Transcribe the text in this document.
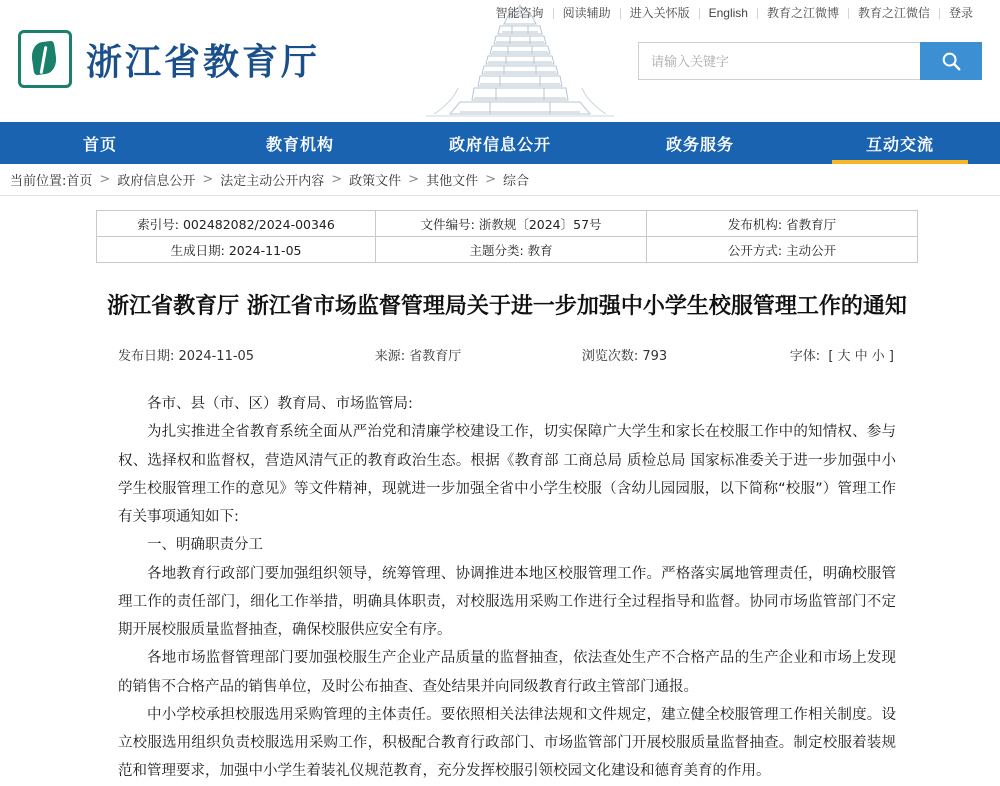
智能咨询	阅读辅助	进入关怀版	English	教育之江微博	教育之江微信	登录
浙江省教育厅
请输入关键字
首页	教育机构	政府信息公开	政务服务	互动交流
当前位置: 首页 > 政府信息公开 > 法定主动公开内容 > 政策文件 > 其他文件 > 综合
索引号: 002482082/2024-00346	文件编号: 浙教规〔2024〕57号	发布机构: 省教育厅
生成日期: 2024-11-05	主题分类: 教育	公开方式: 主动公开
浙江省教育厅 浙江省市场监督管理局关于进一步加强中小学生校服管理工作的通知
发布日期: 2024-11-05	来源: 省教育厅	浏览次数: 793	字体: [ 大 中 小 ]

各市、县（市、区）教育局、市场监管局:

为扎实推进全省教育系统全面从严治党和清廉学校建设工作，切实保障广大学生和家长在校服工作中的知情权、参与权、选择权和监督权，营造风清气正的教育政治生态。根据《教育部 工商总局 质检总局 国家标准委关于进一步加强中小学生校服管理工作的意见》等文件精神，现就进一步加强全省中小学生校服（含幼儿园园服，以下简称“校服”）管理工作有关事项通知如下:

一、明确职责分工

各地教育行政部门要加强组织领导，统筹管理、协调推进本地区校服管理工作。严格落实属地管理责任，明确校服管理工作的责任部门，细化工作举措，明确具体职责，对校服选用采购工作进行全过程指导和监督。协同市场监管部门不定期开展校服质量监督抽查，确保校服供应安全有序。

各地市场监督管理部门要加强校服生产企业产品质量的监督抽查，依法查处生产不合格产品的生产企业和市场上发现的销售不合格产品的销售单位，及时公布抽查、查处结果并向同级教育行政主管部门通报。

中小学校承担校服选用采购管理的主体责任。要依照相关法律法规和文件规定，建立健全校服管理工作相关制度。设立校服选用组织负责校服选用采购工作，积极配合教育行政部门、市场监管部门开展校服质量监督抽查。制定校服着装规范和管理要求，加强中小学生着装礼仪规范教育，充分发挥校服引领校园文化建设和德育美育的作用。
